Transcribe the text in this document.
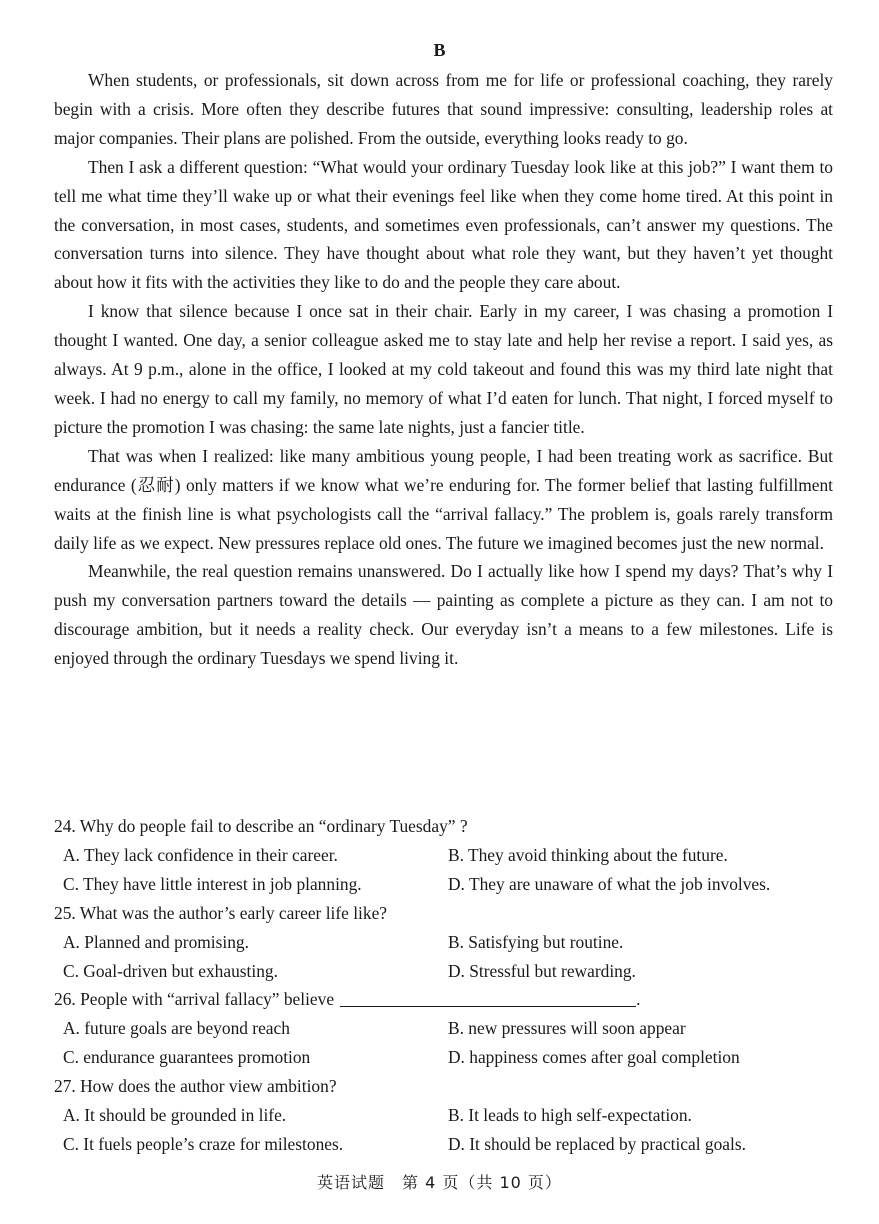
B

When students, or professionals, sit down across from me for life or professional coaching, they rarely begin with a crisis. More often they describe futures that sound impressive: consulting, leadership roles at major companies. Their plans are polished. From the outside, everything looks ready to go.

Then I ask a different question: “What would your ordinary Tuesday look like at this job?” I want them to tell me what time they’ll wake up or what their evenings feel like when they come home tired. At this point in the conversation, in most cases, students, and sometimes even professionals, can’t answer my questions. The conversation turns into silence. They have thought about what role they want, but they haven’t yet thought about how it fits with the activities they like to do and the people they care about.

I know that silence because I once sat in their chair. Early in my career, I was chasing a promotion I thought I wanted. One day, a senior colleague asked me to stay late and help her revise a report. I said yes, as always. At 9 p.m., alone in the office, I looked at my cold takeout and found this was my third late night that week. I had no energy to call my family, no memory of what I’d eaten for lunch. That night, I forced myself to picture the promotion I was chasing: the same late nights, just a fancier title.

That was when I realized: like many ambitious young people, I had been treating work as sacrifice. But endurance (忍耐) only matters if we know what we’re enduring for. The former belief that lasting fulfillment waits at the finish line is what psychologists call the “arrival fallacy.” The problem is, goals rarely transform daily life as we expect. New pressures replace old ones. The future we imagined becomes just the new normal.

Meanwhile, the real question remains unanswered. Do I actually like how I spend my days? That’s why I push my conversation partners toward the details — painting as complete a picture as they can. I am not to discourage ambition, but it needs a reality check. Our everyday isn’t a means to a few milestones. Life is enjoyed through the ordinary Tuesdays we spend living it.

24. Why do people fail to describe an “ordinary Tuesday” ?

A. They lack confidence in their career.	B. They avoid thinking about the future.
C. They have little interest in job planning.	D. They are unaware of what the job involves.

25. What was the author’s early career life like?

A. Planned and promising.	B. Satisfying but routine.
C. Goal-driven but exhausting.	D. Stressful but rewarding.

26. People with “arrival fallacy” believe	.

A. future goals are beyond reach	B. new pressures will soon appear
C. endurance guarantees promotion	D. happiness comes after goal completion

27. How does the author view ambition?

A. It should be grounded in life.	B. It leads to high self-expectation.
C. It fuels people’s craze for milestones.	D. It should be replaced by practical goals.
英语试题　第 4 页（共 10 页）
